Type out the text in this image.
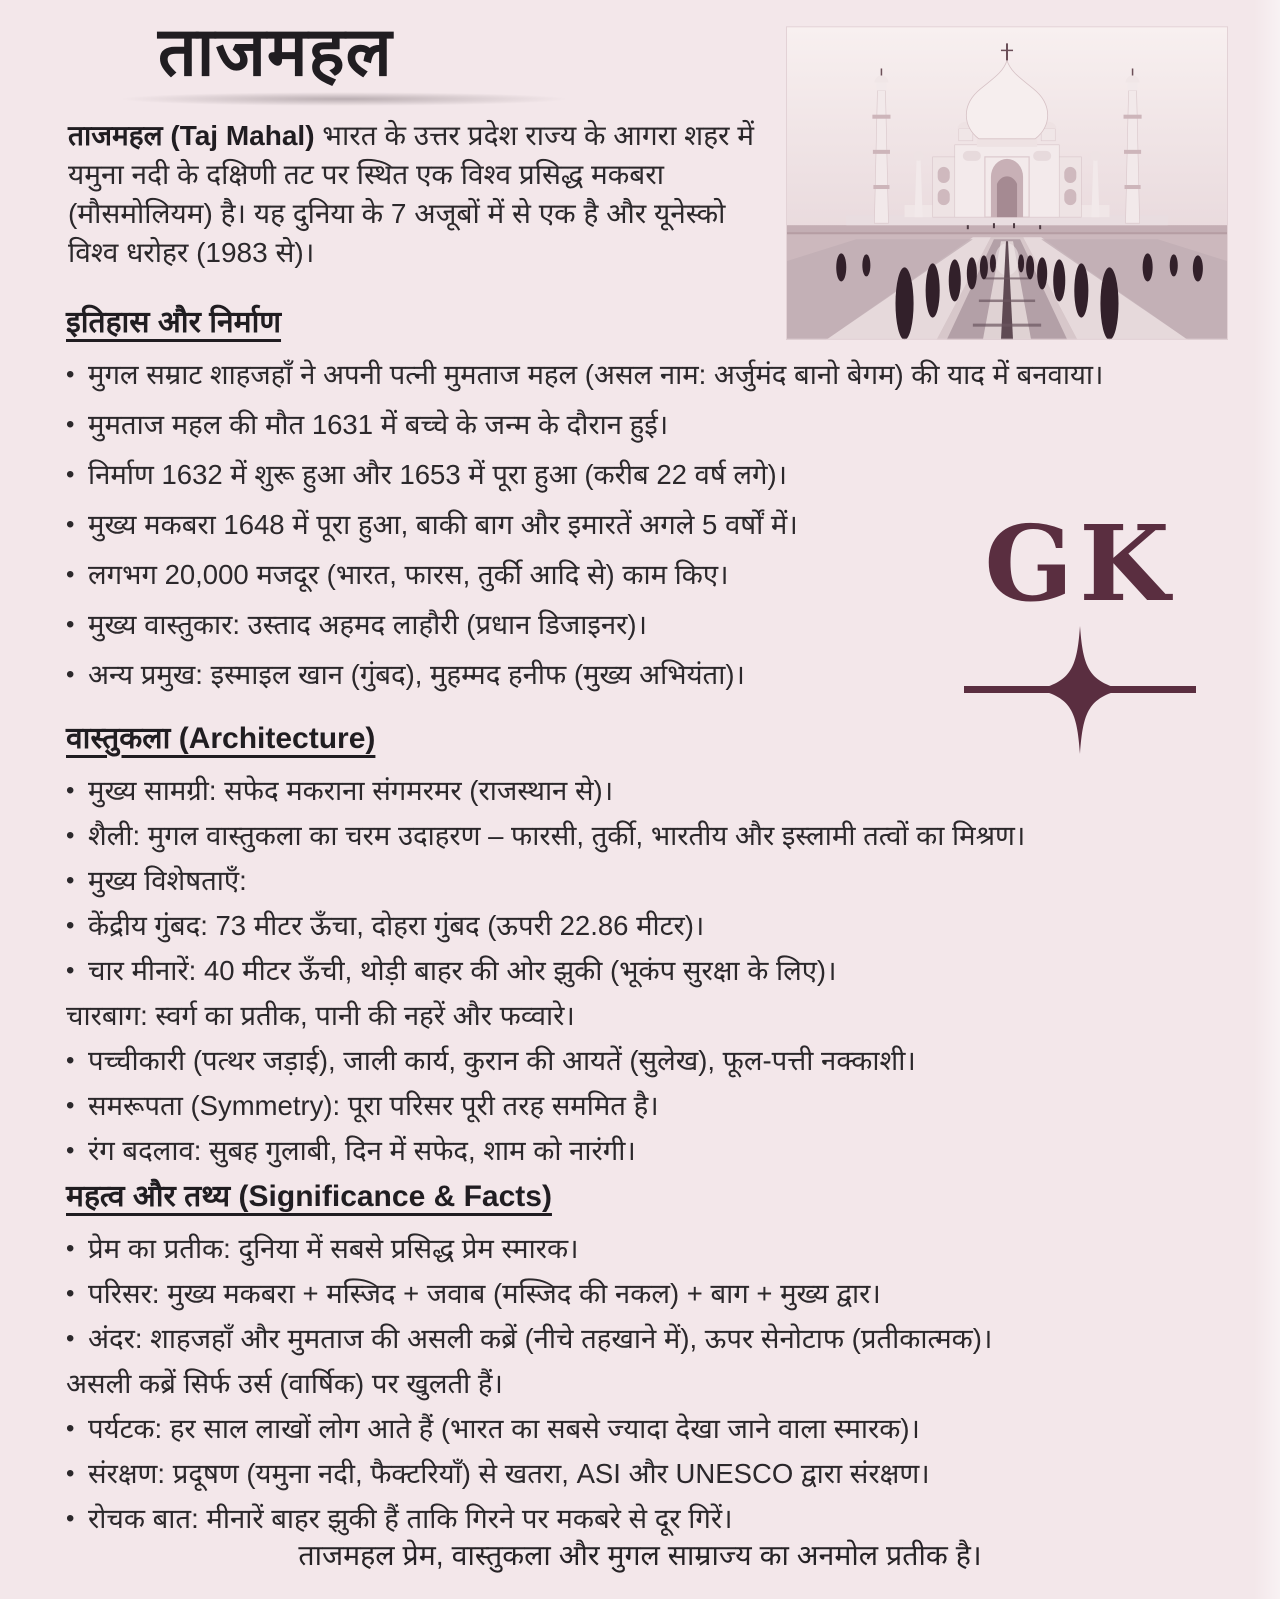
ताजमहल

ताजमहल (Taj Mahal) भारत के उत्तर प्रदेश राज्य के आगरा शहर में यमुना नदी के दक्षिणी तट पर स्थित एक विश्व प्रसिद्ध मकबरा (मौसमोलियम) है। यह दुनिया के 7 अजूबों में से एक है और यूनेस्को विश्व धरोहर (1983 से)।

इतिहास और निर्माण
• मुगल सम्राट शाहजहाँ ने अपनी पत्नी मुमताज महल (असल नाम: अर्जुमंद बानो बेगम) की याद में बनवाया।
• मुमताज महल की मौत 1631 में बच्चे के जन्म के दौरान हुई।
• निर्माण 1632 में शुरू हुआ और 1653 में पूरा हुआ (करीब 22 वर्ष लगे)।
• मुख्य मकबरा 1648 में पूरा हुआ, बाकी बाग और इमारतें अगले 5 वर्षों में।
• लगभग 20,000 मजदूर (भारत, फारस, तुर्की आदि से) काम किए।
• मुख्य वास्तुकार: उस्ताद अहमद लाहौरी (प्रधान डिजाइनर)।
• अन्य प्रमुख: इस्माइल खान (गुंबद), मुहम्मद हनीफ (मुख्य अभियंता)।
GK
वास्तुकला (Architecture)
• मुख्य सामग्री: सफेद मकराना संगमरमर (राजस्थान से)।
• शैली: मुगल वास्तुकला का चरम उदाहरण – फारसी, तुर्की, भारतीय और इस्लामी तत्वों का मिश्रण।
• मुख्य विशेषताएँ:
• केंद्रीय गुंबद: 73 मीटर ऊँचा, दोहरा गुंबद (ऊपरी 22.86 मीटर)।
• चार मीनारें: 40 मीटर ऊँची, थोड़ी बाहर की ओर झुकी (भूकंप सुरक्षा के लिए)।
चारबाग: स्वर्ग का प्रतीक, पानी की नहरें और फव्वारे।
• पच्चीकारी (पत्थर जड़ाई), जाली कार्य, कुरान की आयतें (सुलेख), फूल-पत्ती नक्काशी।
• समरूपता (Symmetry): पूरा परिसर पूरी तरह सममित है।
• रंग बदलाव: सुबह गुलाबी, दिन में सफेद, शाम को नारंगी।
महत्व और तथ्य (Significance & Facts)
• प्रेम का प्रतीक: दुनिया में सबसे प्रसिद्ध प्रेम स्मारक।
• परिसर: मुख्य मकबरा + मस्जिद + जवाब (मस्जिद की नकल) + बाग + मुख्य द्वार।
• अंदर: शाहजहाँ और मुमताज की असली कब्रें (नीचे तहखाने में), ऊपर सेनोटाफ (प्रतीकात्मक)।
असली कब्रें सिर्फ उर्स (वार्षिक) पर खुलती हैं।
• पर्यटक: हर साल लाखों लोग आते हैं (भारत का सबसे ज्यादा देखा जाने वाला स्मारक)।
• संरक्षण: प्रदूषण (यमुना नदी, फैक्टरियाँ) से खतरा, ASI और UNESCO द्वारा संरक्षण।
• रोचक बात: मीनारें बाहर झुकी हैं ताकि गिरने पर मकबरे से दूर गिरें।

ताजमहल प्रेम, वास्तुकला और मुगल साम्राज्य का अनमोल प्रतीक है।
